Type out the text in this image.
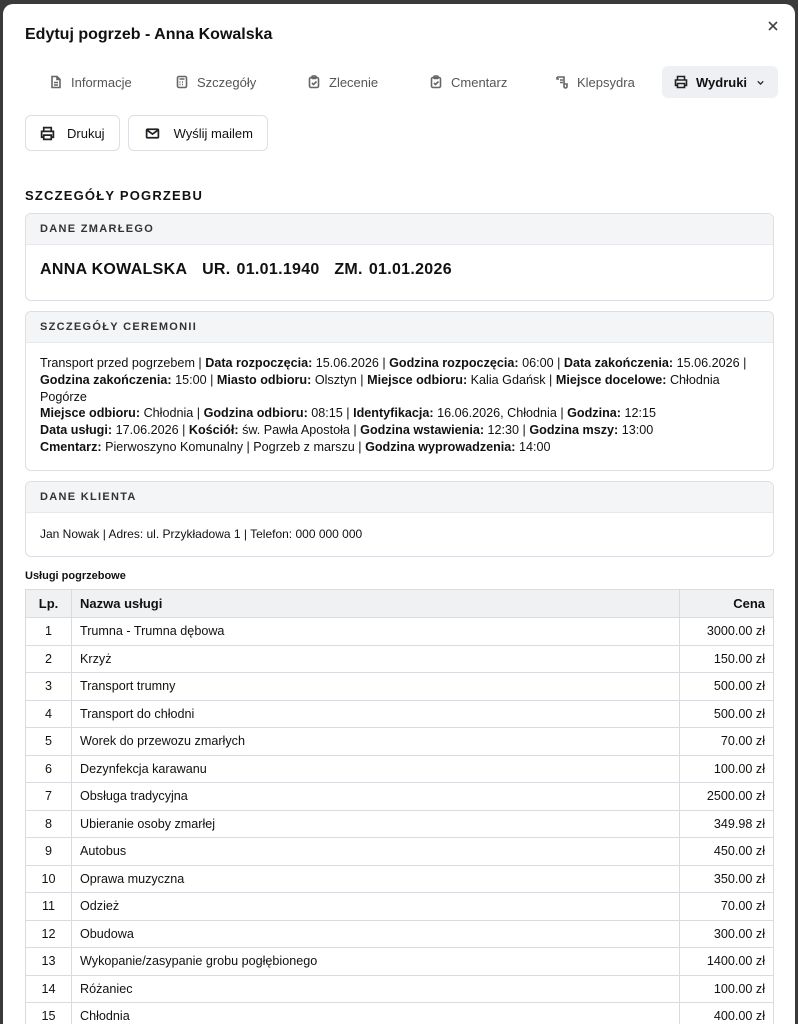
Edytuj pogrzeb - Anna Kowalska
Informacje	Szczegóły	Zlecenie	Cmentarz	Klepsydra	Wydruki
Drukuj	Wyślij mailem
SZCZEGÓŁY POGRZEBU
DANE ZMARŁEGO
ANNA KOWALSKA UR. 01.01.1940 ZM. 01.01.2026
SZCZEGÓŁY CEREMONII
Transport przed pogrzebem | Data rozpoczęcia: 15.06.2026 | Godzina rozpoczęcia: 06:00 | Data zakończenia: 15.06.2026 | Godzina zakończenia: 15:00 | Miasto odbioru: Olsztyn | Miejsce odbioru: Kalia Gdańsk | Miejsce docelowe: Chłodnia Pogórze
Miejsce odbioru: Chłodnia | Godzina odbioru: 08:15 | Identyfikacja: 16.06.2026, Chłodnia | Godzina: 12:15
Data usługi: 17.06.2026 | Kościół: św. Pawła Apostoła | Godzina wstawienia: 12:30 | Godzina mszy: 13:00
Cmentarz: Pierwoszyno Komunalny | Pogrzeb z marszu | Godzina wyprowadzenia: 14:00
DANE KLIENTA
Jan Nowak | Adres: ul. Przykładowa 1 | Telefon: 000 000 000
Usługi pogrzebowe
Lp.	Nazwa usługi	Cena
1	Trumna - Trumna dębowa	3000.00 zł
2	Krzyż	150.00 zł
3	Transport trumny	500.00 zł
4	Transport do chłodni	500.00 zł
5	Worek do przewozu zmarłych	70.00 zł
6	Dezynfekcja karawanu	100.00 zł
7	Obsługa tradycyjna	2500.00 zł
8	Ubieranie osoby zmarłej	349.98 zł
9	Autobus	450.00 zł
10	Oprawa muzyczna	350.00 zł
11	Odzież	70.00 zł
12	Obudowa	300.00 zł
13	Wykopanie/zasypanie grobu pogłębionego	1400.00 zł
14	Różaniec	100.00 zł
15	Chłodnia	400.00 zł
